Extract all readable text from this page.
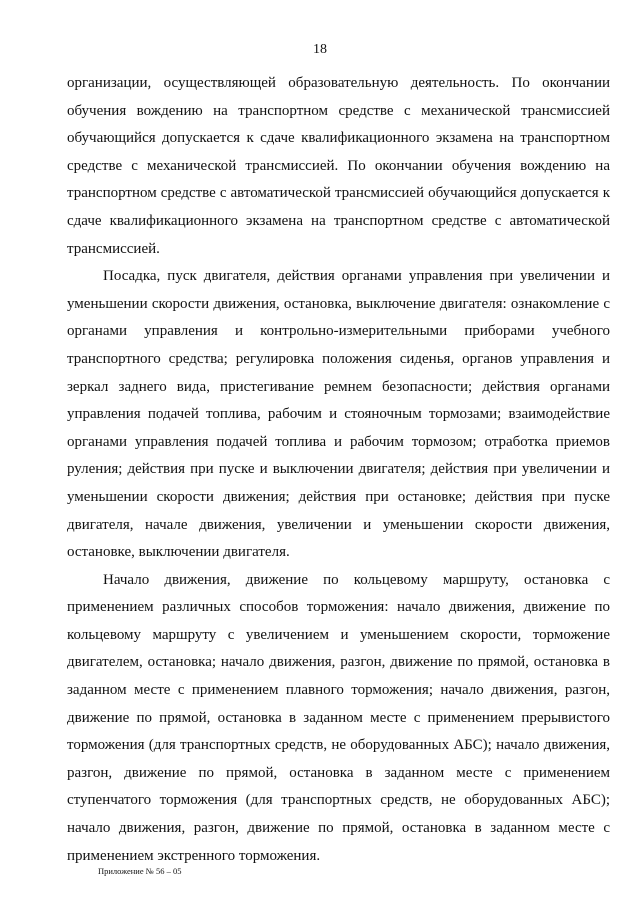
18

организации, осуществляющей образовательную деятельность. По окончании обучения вождению на транспортном средстве с механической трансмиссией обучающийся допускается к сдаче квалификационного экзамена на транспортном средстве с механической трансмиссией. По окончании обучения вождению на транспортном средстве с автоматической трансмиссией обучающийся допускается к сдаче квалификационного экзамена на транспортном средстве с автоматической трансмиссией.

Посадка, пуск двигателя, действия органами управления при увеличении и уменьшении скорости движения, остановка, выключение двигателя: ознакомление с органами управления и контрольно-измерительными приборами учебного транспортного средства; регулировка положения сиденья, органов управления и зеркал заднего вида, пристегивание ремнем безопасности; действия органами управления подачей топлива, рабочим и стояночным тормозами; взаимодействие органами управления подачей топлива и рабочим тормозом; отработка приемов руления; действия при пуске и выключении двигателя; действия при увеличении и уменьшении скорости движения; действия при остановке; действия при пуске двигателя, начале движения, увеличении и уменьшении скорости движения, остановке, выключении двигателя.

Начало движения, движение по кольцевому маршруту, остановка с применением различных способов торможения: начало движения, движение по кольцевому маршруту с увеличением и уменьшением скорости, торможение двигателем, остановка; начало движения, разгон, движение по прямой, остановка в заданном месте с применением плавного торможения; начало движения, разгон, движение по прямой, остановка в заданном месте с применением прерывистого торможения (для транспортных средств, не оборудованных АБС); начало движения, разгон, движение по прямой, остановка в заданном месте с применением ступенчатого торможения (для транспортных средств, не оборудованных АБС); начало движения, разгон, движение по прямой, остановка в заданном месте с применением экстренного торможения.

Приложение № 56 – 05
